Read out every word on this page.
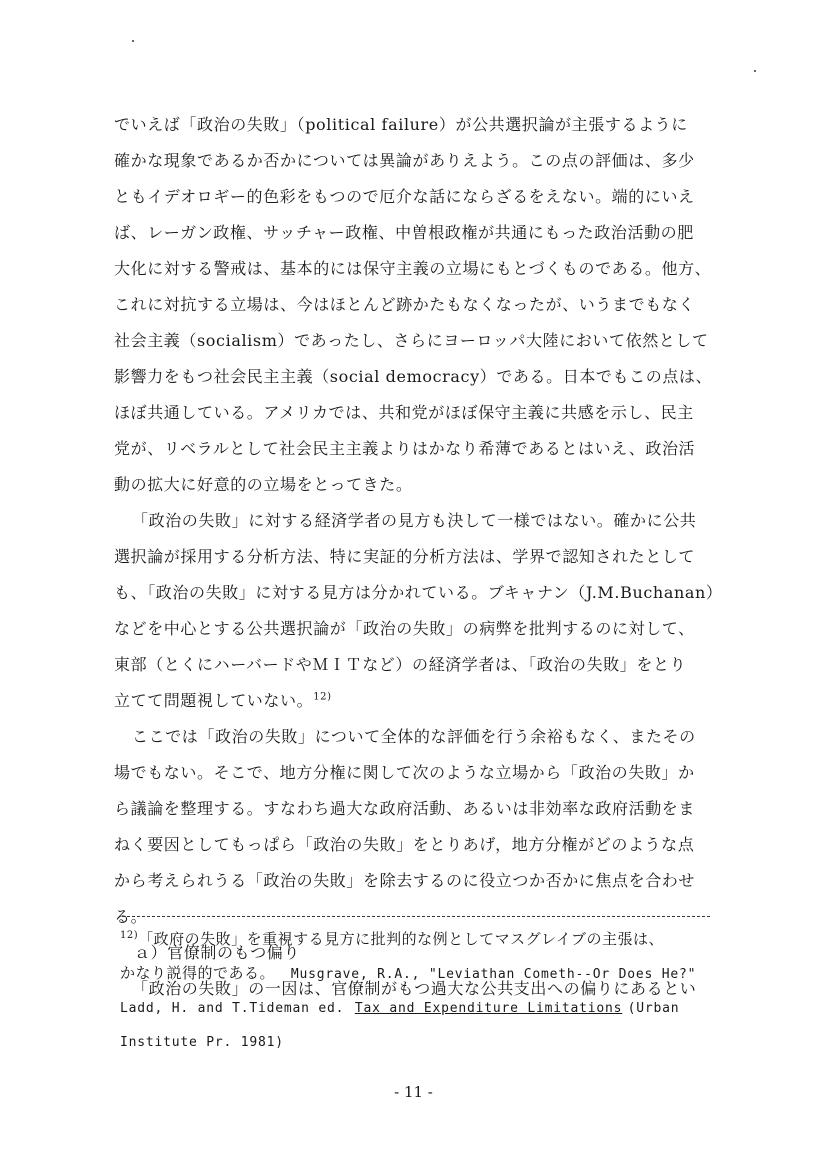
でいえば「政治の失敗」（political failure）が公共選択論が主張するように
確かな現象であるか否かについては異論がありえよう。この点の評価は、多少
ともイデオロギー的色彩をもつので厄介な話にならざるをえない。端的にいえ
ば、レーガン政権、サッチャー政権、中曽根政権が共通にもった政治活動の肥
大化に対する警戒は、基本的には保守主義の立場にもとづくものである。他方、
これに対抗する立場は、今はほとんど跡かたもなくなったが、いうまでもなく
社会主義（socialism）であったし、さらにヨーロッパ大陸において依然として
影響力をもつ社会民主主義（social democracy）である。日本でもこの点は、
ほぼ共通している。アメリカでは、共和党がほぼ保守主義に共感を示し、民主
党が、リベラルとして社会民主主義よりはかなり希薄であるとはいえ、政治活
動の拡大に好意的の立場をとってきた。
「政治の失敗」に対する経済学者の見方も決して一様ではない。確かに公共
選択論が採用する分析方法、特に実証的分析方法は、学界で認知されたとして
も、「政治の失敗」に対する見方は分かれている。ブキャナン（J.M.Buchanan）
などを中心とする公共選択論が「政治の失敗」の病弊を批判するのに対して、
東部（とくにハーバードやＭＩＴなど）の経済学者は、「政治の失敗」をとり
立てて問題視していない。$^{12)}$
ここでは「政治の失敗」について全体的な評価を行う余裕もなく、またその
場でもない。そこで、地方分権に関して次のような立場から「政治の失敗」か
ら議論を整理する。すなわち過大な政府活動、あるいは非効率な政府活動をま
ねく要因としてもっぱら「政治の失敗」をとりあげ，地方分権がどのような点
から考えられうる「政治の失敗」を除去するのに役立つか否かに焦点を合わせ
る。
ａ）官僚制のもつ偏り
「政治の失敗」の一因は、官僚制がもつ過大な公共支出への偏りにあるとい
$^{12)}$「政府の失敗」を重視する見方に批判的な例としてマスグレイブの主張は、
かなり説得的である。 Musgrave, R.A., "Leviathan Cometh--Or Does He?"
Ladd, H. and T.Tideman ed. Tax and Expenditure Limitations (Urban
Institute Pr. 1981)
- 11 -
